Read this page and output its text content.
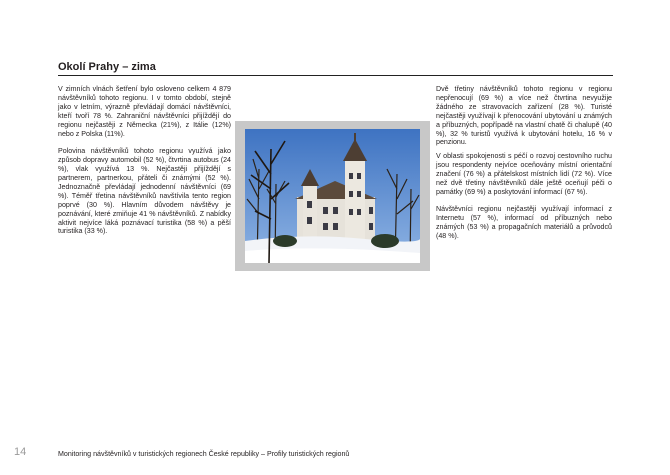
Okolí Prahy – zima

V zimních vlnách šetření bylo osloveno celkem 4 879 návštěvníků tohoto regionu. I v tomto období, stejně jako v letním, výrazně převládají domácí návštěvníci, kteří tvoří 78 %. Zahraniční návštěvníci přijíždějí do regionu nejčastěji z Německa (21%), z Itálie (12%) nebo z Polska (11%).

Polovina návštěvníků tohoto regionu využívá jako způsob dopravy automobil (52 %), čtvrtina autobus (24 %), vlak využívá 13 %. Nejčastěji přijíždějí s partnerem, partnerkou, přáteli či známými (52 %). Jednoznačně převládají jednodenní návštěvníci (69 %). Téměř třetina návštěvníků navštívila tento region poprvé (30 %). Hlavním důvodem návštěvy je poznávání, které zmiňuje 41 % návštěvníků. Z nabídky aktivit nejvíce láká poznávací turistika (58 %) a pěší turistika (33 %).

Dvě třetiny návštěvníků tohoto regionu v regionu nepřenocují (69 %) a více než čtvrtina nevyužije žádného ze stravovacích zařízení (28 %). Turisté nejčastěji využívají k přenocování ubytování u známých a příbuzných, popřípadě na vlastní chatě či chalupě (40 %), 32 % turistů využívá k ubytování hotelu, 16 % v penzionu.

V oblasti spokojenosti s péčí o rozvoj cestovního ruchu jsou respondenty nejvíce oceňovány místní orientační značení (76 %) a přátelskost místních lidí (72 %). Více než dvě třetiny návštěvníků dále ještě oceňují péči o památky (69 %) a poskytování informací (67 %).

Návštěvníci regionu nejčastěji využívají informací z Internetu (57 %), informací od příbuzných nebo známých (53 %) a propagačních materiálů a průvodců (48 %).

14	Monitoring návštěvníků v turistických regionech České republiky – Profily turistických regionů
